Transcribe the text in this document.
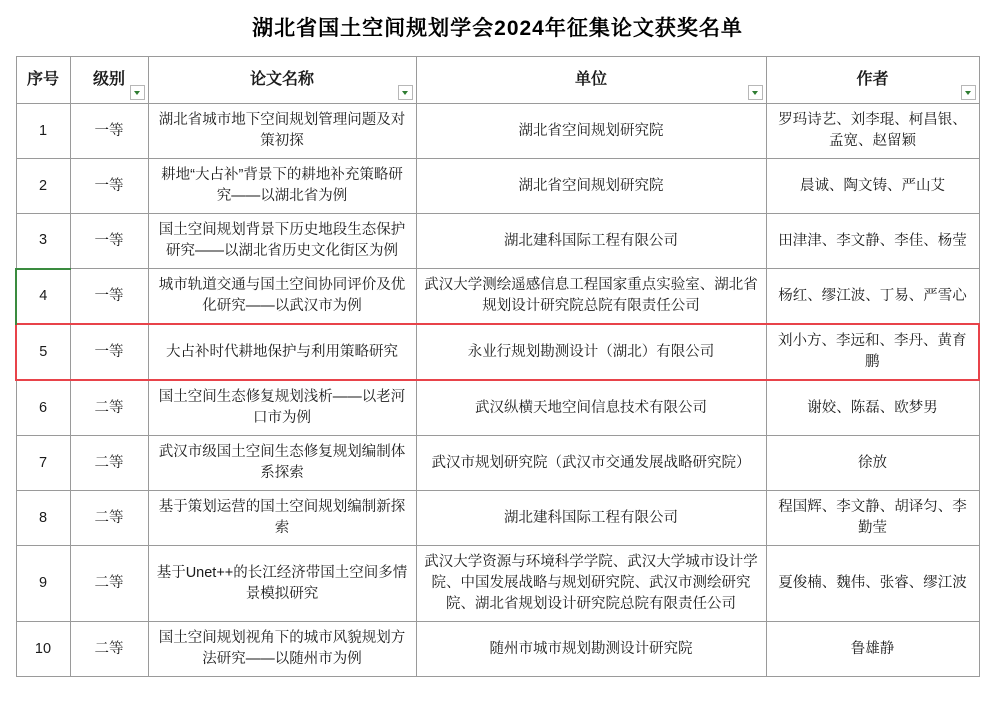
湖北省国土空间规划学会2024年征集论文获奖名单
序号	级别	论文名称	单位	作者

1	一等	湖北省城市地下空间规划管理问题及对策初探	湖北省空间规划研究院	罗玛诗艺、刘李琨、柯昌银、孟宽、赵留颖
2	一等	耕地“大占补”背景下的耕地补充策略研究——以湖北省为例	湖北省空间规划研究院	晨诚、陶文铸、严山艾
3	一等	国土空间规划背景下历史地段生态保护研究——以湖北省历史文化街区为例	湖北建科国际工程有限公司	田津津、李文静、李佳、杨莹
4	一等	城市轨道交通与国土空间协同评价及优化研究——以武汉市为例	武汉大学测绘遥感信息工程国家重点实验室、湖北省规划设计研究院总院有限责任公司	杨红、缪江波、丁易、严雪心
5	一等	大占补时代耕地保护与利用策略研究	永业行规划勘测设计（湖北）有限公司	刘小方、李远和、李丹、黄育鹏
6	二等	国土空间生态修复规划浅析——以老河口市为例	武汉纵横天地空间信息技术有限公司	谢姣、陈磊、欧梦男
7	二等	武汉市级国土空间生态修复规划编制体系探索	武汉市规划研究院（武汉市交通发展战略研究院）	徐放
8	二等	基于策划运营的国土空间规划编制新探索	湖北建科国际工程有限公司	程国辉、李文静、胡译匀、李勤莹
9	二等	基于Unet++的长江经济带国土空间多情景模拟研究	武汉大学资源与环境科学学院、武汉大学城市设计学院、中国发展战略与规划研究院、武汉市测绘研究院、湖北省规划设计研究院总院有限责任公司	夏俊楠、魏伟、张睿、缪江波
10	二等	国土空间规划视角下的城市风貌规划方法研究——以随州市为例	随州市城市规划勘测设计研究院	鲁雄静
